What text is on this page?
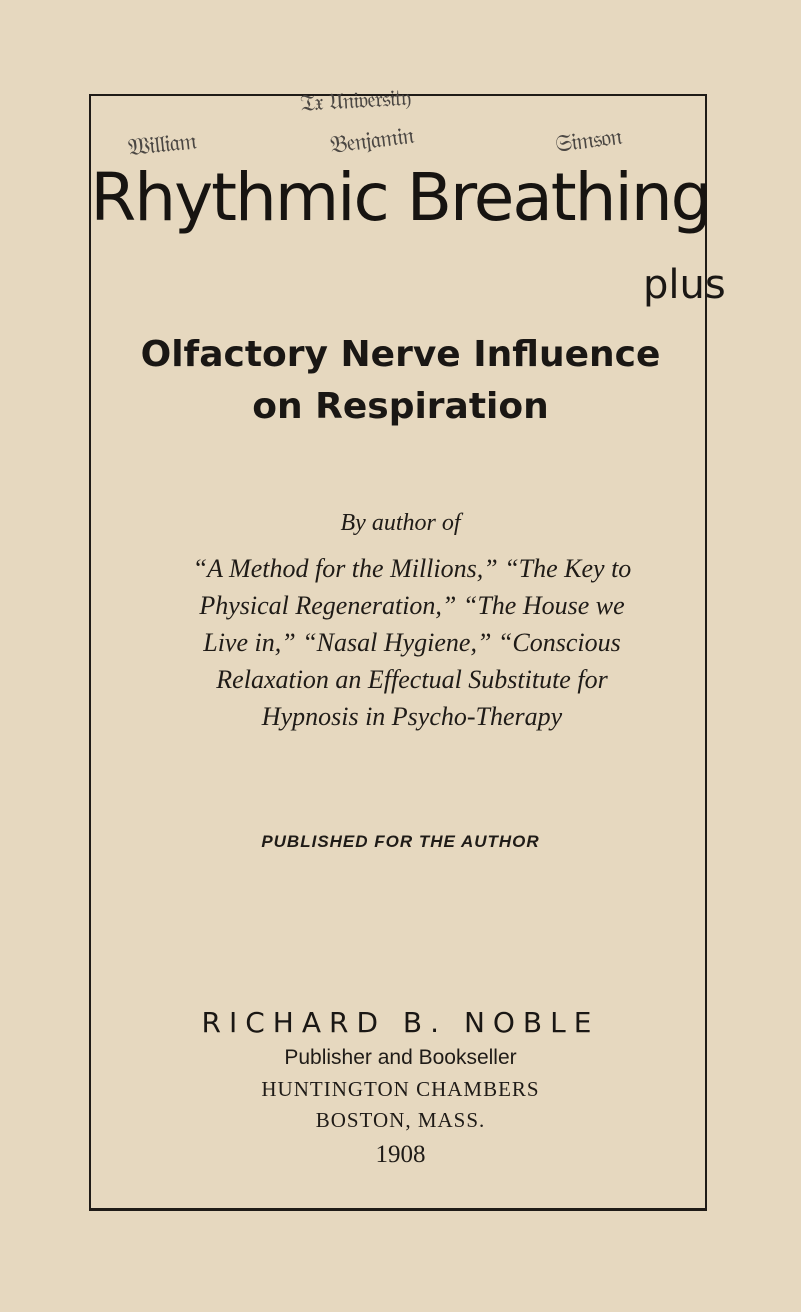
𝔗𝔵 𝔘𝔫𝔦𝔳𝔢𝔯𝔰𝔦𝔱𝔶
𝔚𝔦𝔩𝔩𝔦𝔞𝔪	𝔅𝔢𝔫𝔧𝔞𝔪𝔦𝔫	𝔖𝔦𝔪𝔰𝔬𝔫
Rhythmic Breathing
plus
Olfactory Nerve Influence
on Respiration
By author of
“A Method for the Millions,” “The Key to
Physical Regeneration,” “The House we
Live in,” “Nasal Hygiene,” “Conscious
Relaxation an Effectual Substitute for
Hypnosis in Psycho-Therapy
PUBLISHED FOR THE AUTHOR
RICHARD B. NOBLE
Publisher and Bookseller
HUNTINGTON CHAMBERS
BOSTON, MASS.
1908
